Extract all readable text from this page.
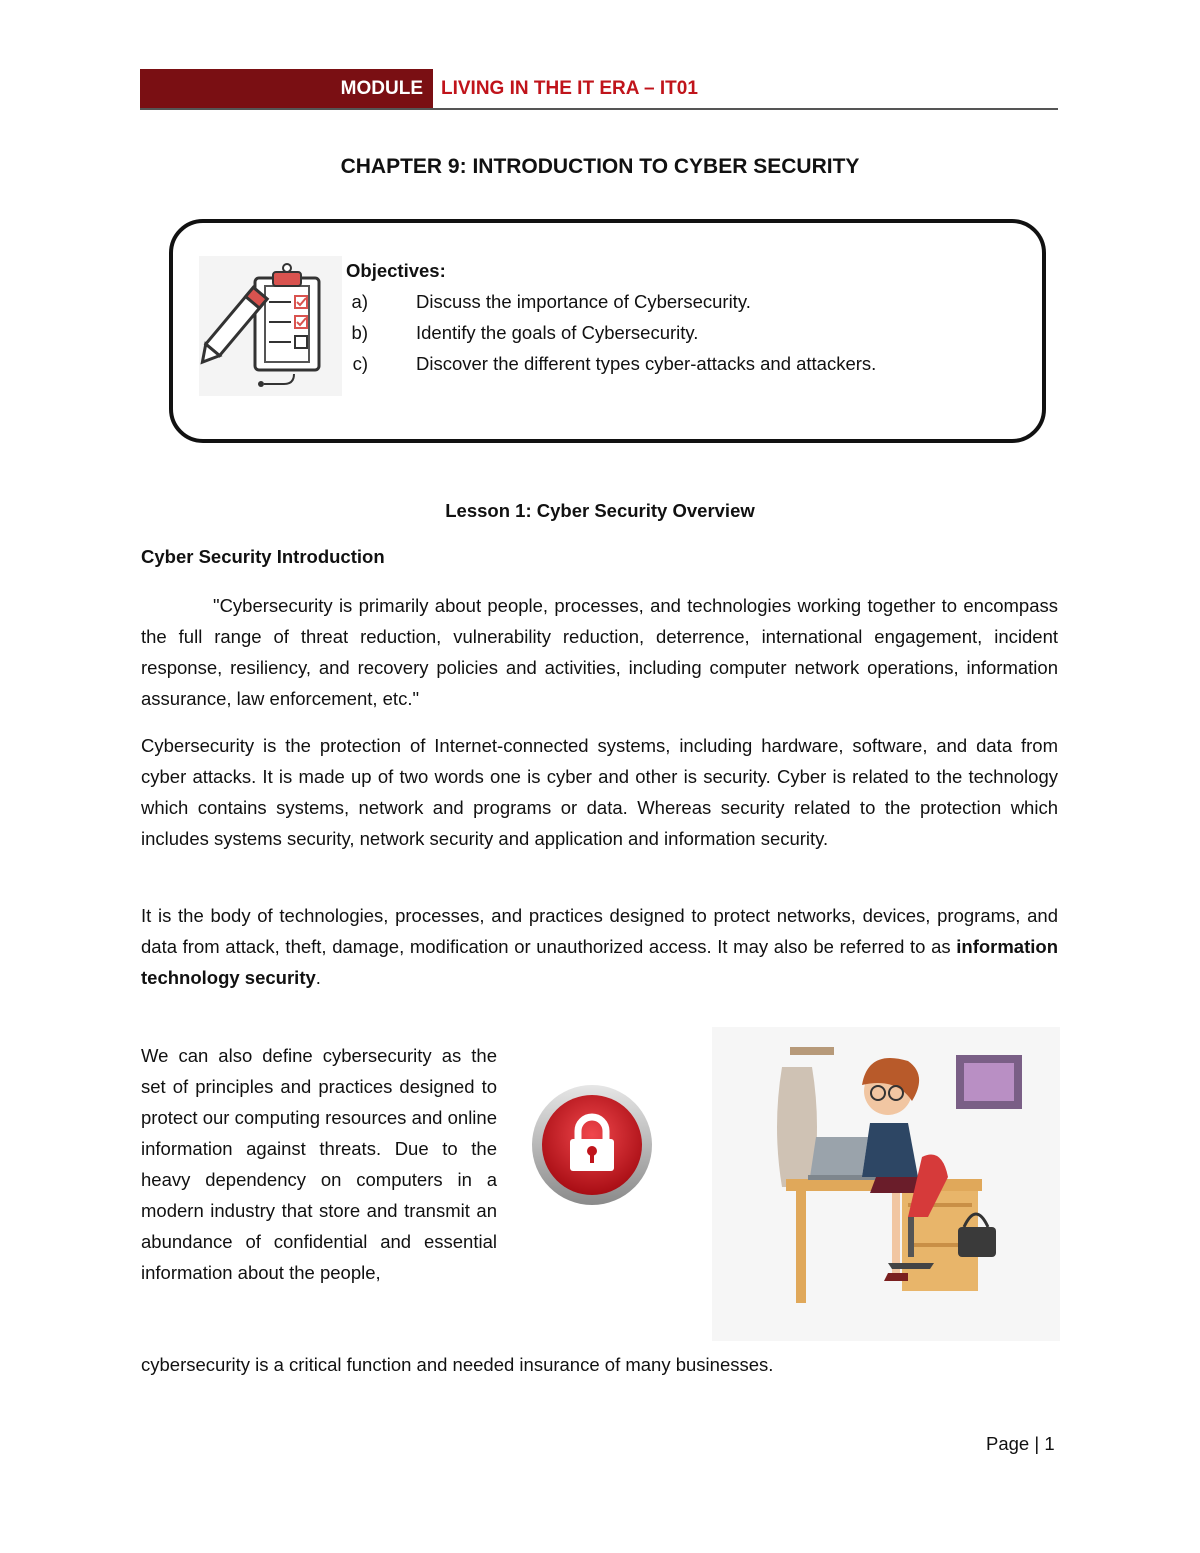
MODULE LIVING IN THE IT ERA – IT01
CHAPTER 9: INTRODUCTION TO CYBER SECURITY
Objectives:
a)	Discuss the importance of Cybersecurity.
b)	Identify the goals of Cybersecurity.
c)	Discover the different types cyber-attacks and attackers.
Lesson 1: Cyber Security Overview
Cyber Security Introduction
"Cybersecurity is primarily about people, processes, and technologies working together to encompass the full range of threat reduction, vulnerability reduction, deterrence, international engagement, incident response, resiliency, and recovery policies and activities, including computer network operations, information assurance, law enforcement, etc."
Cybersecurity is the protection of Internet-connected systems, including hardware, software, and data from cyber attacks. It is made up of two words one is cyber and other is security. Cyber is related to the technology which contains systems, network and programs or data. Whereas security related to the protection which includes systems security, network security and application and information security.
It is the body of technologies, processes, and practices designed to protect networks, devices, programs, and data from attack, theft, damage, modification or unauthorized access. It may also be referred to as information technology security.
We can also define cybersecurity as the set of principles and practices designed to protect our computing resources and online information against threats. Due to the heavy dependency on computers in a modern industry that store and transmit an abundance of confidential and essential information about the people,
cybersecurity is a critical function and needed insurance of many businesses.
Page | 1
